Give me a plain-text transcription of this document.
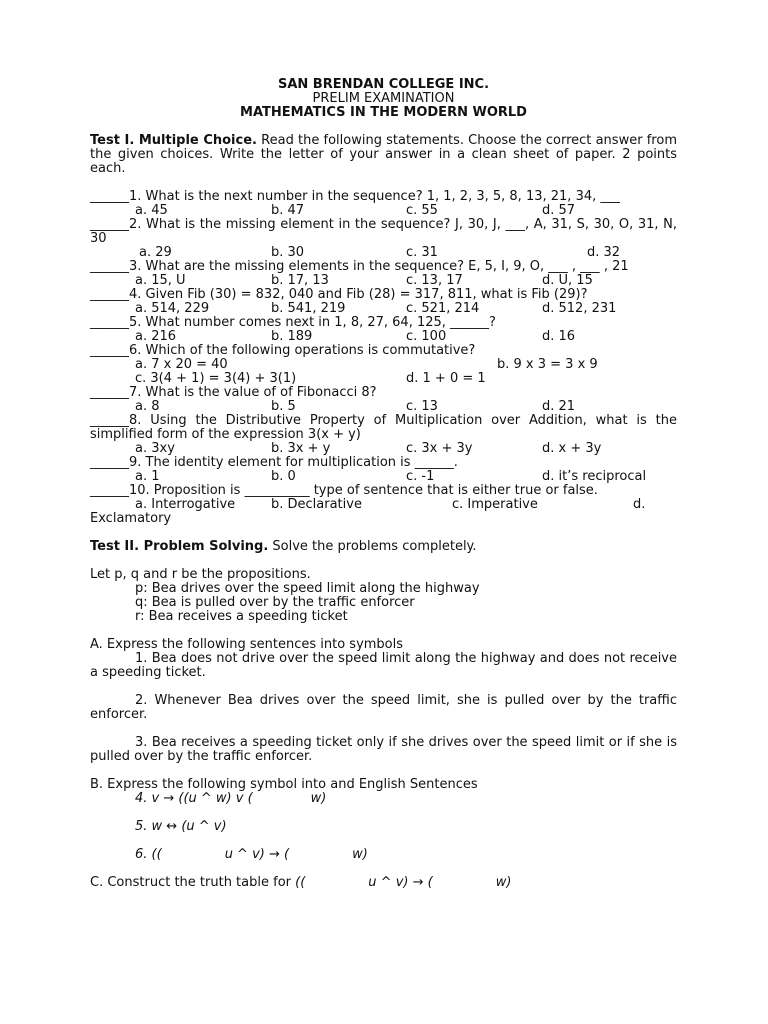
SAN BRENDAN COLLEGE INC.
PRELIM EXAMINATION
MATHEMATICS IN THE MODERN WORLD
Test I. Multiple Choice. Read the following statements. Choose the correct answer from the given choices. Write the letter of your answer in a clean sheet of paper. 2 points each.
______1. What is the next number in the sequence? 1, 1, 2, 3, 5, 8, 13, 21, 34, ___
a. 45	b. 47	c. 55	d. 57
______2. What is the missing element in the sequence? J, 30, J, ___, A, 31, S, 30, O, 31, N, 30
a. 29	b. 30	c. 31	d. 32
______3. What are the missing elements in the sequence? E, 5, I, 9, O, ___ , ___ , 21
a. 15, U	b. 17, 13	c. 13, 17	d. U, 15
______4. Given Fib (30) = 832, 040 and Fib (28) = 317, 811, what is Fib (29)?
a. 514, 229	b. 541, 219	c. 521, 214	d. 512, 231
______5. What number comes next in 1, 8, 27, 64, 125, ______?
a. 216	b. 189	c. 100	d. 16
______6. Which of the following operations is commutative?
a. 7 x 20 = 40	b. 9 x 3 = 3 x 9
c. 3(4 + 1) = 3(4) + 3(1)	d. 1 + 0 = 1
______7. What is the value of of Fibonacci 8?
a. 8	b. 5	c. 13	d. 21
______8. Using the Distributive Property of Multiplication over Addition, what is the simplified form of the expression 3(x + y)
a. 3xy	b. 3x + y	c. 3x + 3y	d. x + 3y
______9. The identity element for multiplication is ______.
a. 1	b. 0	c. -1	d. it’s reciprocal
______10. Proposition is __________ type of sentence that is either true or false.
a. Interrogative	b. Declarative	c. Imperative	d.
Exclamatory
Test II. Problem Solving. Solve the problems completely.
Let p, q and r be the propositions.
p: Bea drives over the speed limit along the highway
q: Bea is pulled over by the traffic enforcer
r: Bea receives a speeding ticket
A. Express the following sentences into symbols
1. Bea does not drive over the speed limit along the highway and does not receive a speeding ticket.
2. Whenever Bea drives over the speed limit, she is pulled over by the traffic enforcer.
3. Bea receives a speeding ticket only if she drives over the speed limit or if she is pulled over by the traffic enforcer.
B. Express the following symbol into and English Sentences
4. v → ((u ^ w) v (	w)
5. w ↔ (u ^ v)
6. ((	u ^ v) → (	w)
C. Construct the truth table for ((	u ^ v) → (	w)
